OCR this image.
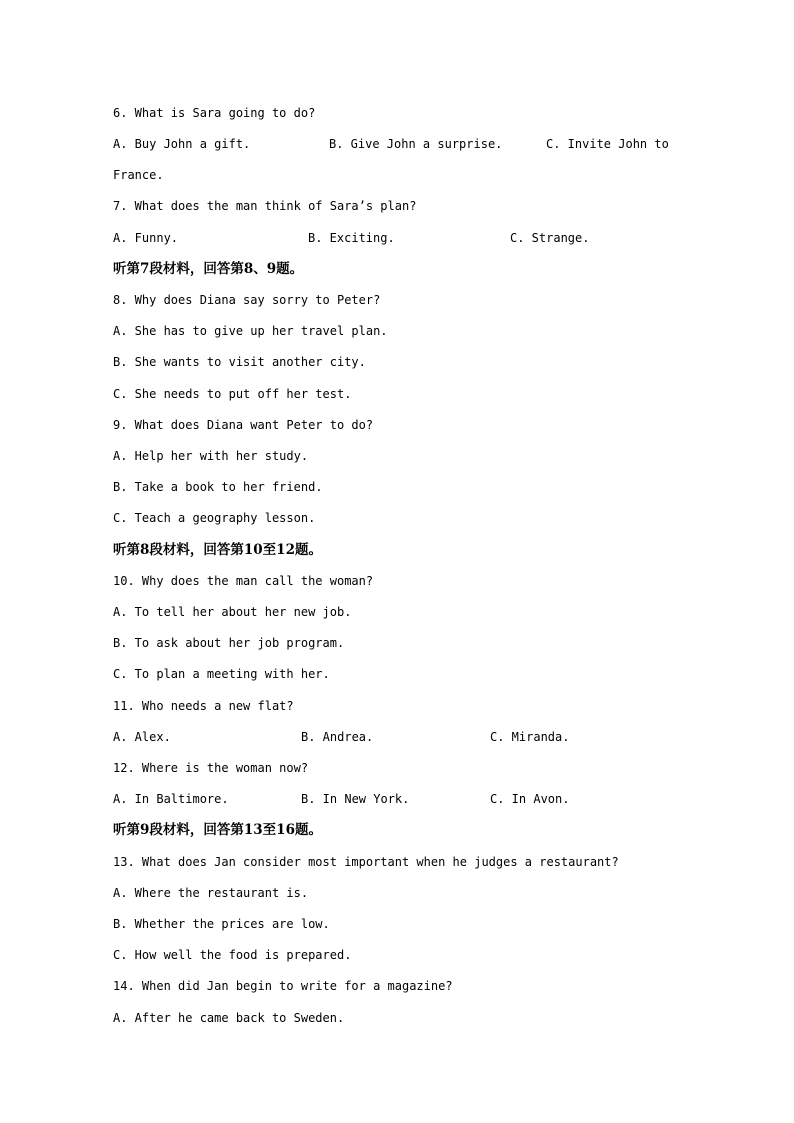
6. What is Sara going to do?

A. Buy John a gift.

	B. Give John a surprise.

	C. Invite John to

France.
7. What does the man think of Sara’s plan?

A. Funny.

	B. Exciting.

	C. Strange.

听第7段材料，回答第8、9题。
8. Why does Diana say sorry to Peter?
A. She has to give up her travel plan.
B. She wants to visit another city.
C. She needs to put off her test.
9. What does Diana want Peter to do?
A. Help her with her study.
B. Take a book to her friend.
C. Teach a geography lesson.
听第8段材料，回答第10至12题。
10. Why does the man call the woman?
A. To tell her about her new job.
B. To ask about her job program.
C. To plan a meeting with her.
11. Who needs a new flat?

A. Alex.

	B. Andrea.

	C. Miranda.

12. Where is the woman now?

A. In Baltimore.

	B. In New York.

	C. In Avon.

听第9段材料，回答第13至16题。
13. What does Jan consider most important when he judges a restaurant?
A. Where the restaurant is.
B. Whether the prices are low.
C. How well the food is prepared.
14. When did Jan begin to write for a magazine?
A. After he came back to Sweden.
